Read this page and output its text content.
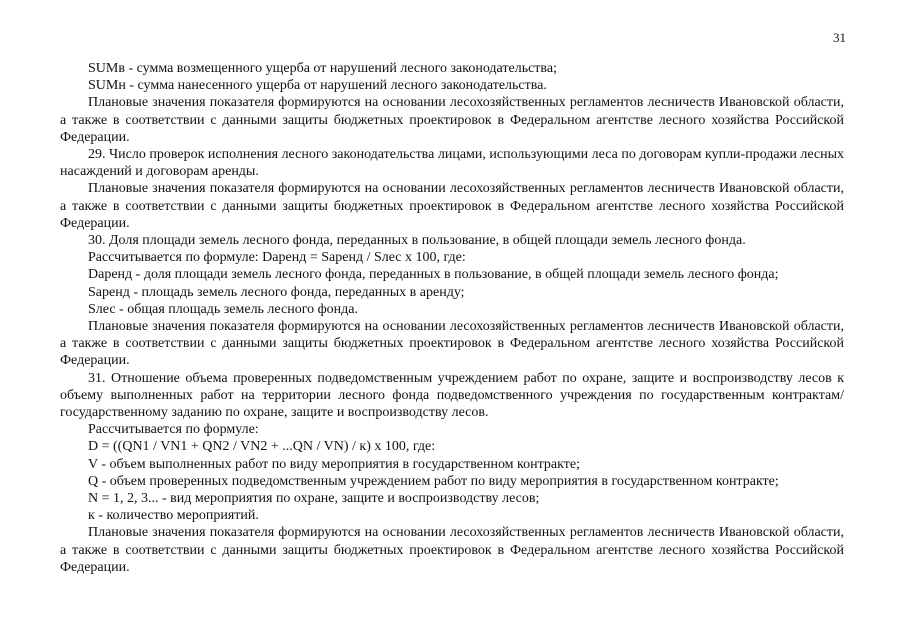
31

SUMв - сумма возмещенного ущерба от нарушений лесного законодательства;

SUMн - сумма нанесенного ущерба от нарушений лесного законодательства.

Плановые значения показателя формируются на основании лесохозяйственных регламентов лесничеств Ивановской области, а также в соответствии с данными защиты бюджетных проектировок в Федеральном агентстве лесного хозяйства Российской Федерации.

29. Число проверок исполнения лесного законодательства лицами, использующими леса по договорам купли-продажи лесных насаждений и договорам аренды.

Плановые значения показателя формируются на основании лесохозяйственных регламентов лесничеств Ивановской области, а также в соответствии с данными защиты бюджетных проектировок в Федеральном агентстве лесного хозяйства Российской Федерации.

30. Доля площади земель лесного фонда, переданных в пользование, в общей площади земель лесного фонда.

Рассчитывается по формуле: Dаренд = Sаренд / Sлес x 100, где:

Dаренд - доля площади земель лесного фонда, переданных в пользование, в общей площади земель лесного фонда;

Sаренд - площадь земель лесного фонда, переданных в аренду;

Sлес - общая площадь земель лесного фонда.

Плановые значения показателя формируются на основании лесохозяйственных регламентов лесничеств Ивановской области, а также в соответствии с данными защиты бюджетных проектировок в Федеральном агентстве лесного хозяйства Российской Федерации.

31. Отношение объема проверенных подведомственным учреждением работ по охране, защите и воспроизводству лесов к объему выполненных работ на территории лесного фонда подведомственного учреждения по государственным контрактам/государственному заданию по охране, защите и воспроизводству лесов.

Рассчитывается по формуле:

D = ((QN1 / VN1 + QN2 / VN2 + ...QN / VN) / к) x 100, где:

V - объем выполненных работ по виду мероприятия в государственном контракте;

Q - объем проверенных подведомственным учреждением работ по виду мероприятия в государственном контракте;

N = 1, 2, 3... - вид мероприятия по охране, защите и воспроизводству лесов;

к - количество мероприятий.

Плановые значения показателя формируются на основании лесохозяйственных регламентов лесничеств Ивановской области, а также в соответствии с данными защиты бюджетных проектировок в Федеральном агентстве лесного хозяйства Российской Федерации.
